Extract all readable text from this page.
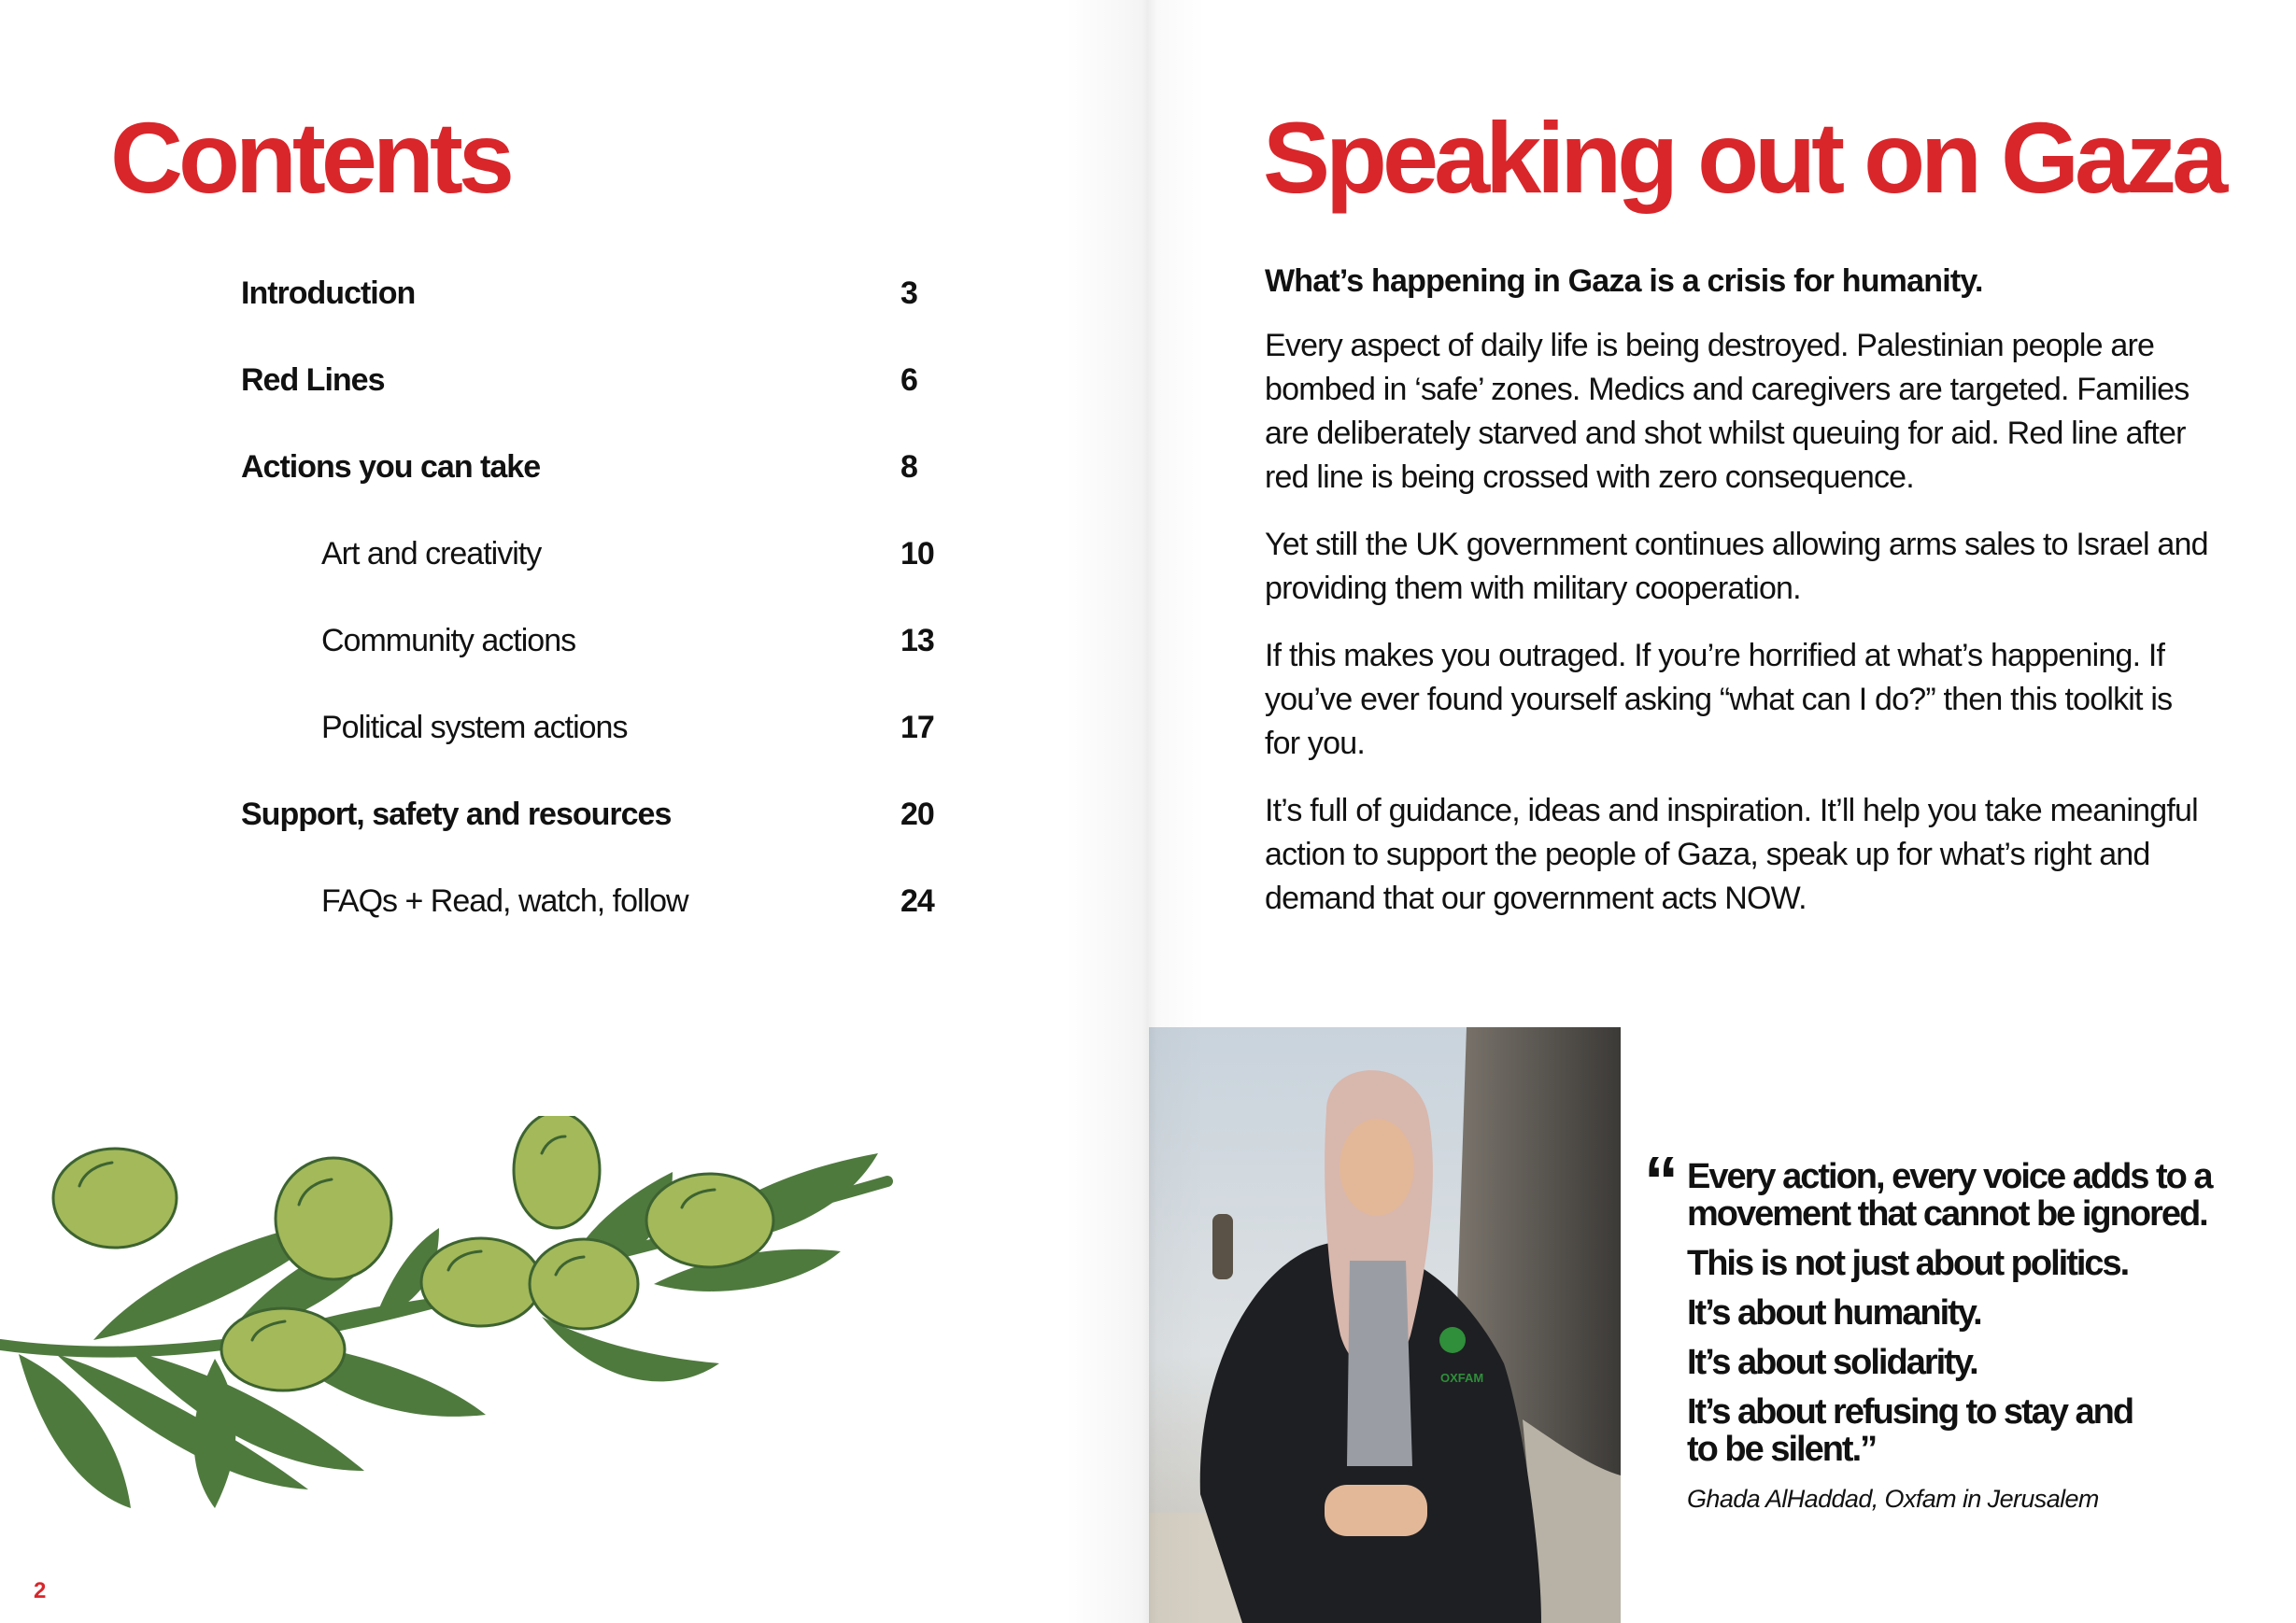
Contents
Introduction	3
Red Lines	6
Actions you can take	8
Art and creativity	10
Community actions	13
Political system actions	17
Support, safety and resources	20
FAQs + Read, watch, follow	24
2
Speaking out on Gaza

What’s happening in Gaza is a crisis for humanity.

Every aspect of daily life is being destroyed. Palestinian people are bombed in ‘safe’ zones. Medics and caregivers are targeted. Families are deliberately starved and shot whilst queuing for aid. Red line after red line is being crossed with zero consequence.

Yet still the UK government continues allowing arms sales to Israel and providing them with military cooperation.

If this makes you outraged. If you’re horrified at what’s happening. If you’ve ever found yourself asking “what can I do?” then this toolkit is for you.

It’s full of guidance, ideas and inspiration. It’ll help you take meaningful action to support the people of Gaza, speak up for what’s right and demand that our government acts NOW.

OXFAM
“ Every action, every voice adds to a
movement that cannot be ignored.
This is not just about politics.
It’s about humanity.
It’s about solidarity.
It’s about refusing to stay and
to be silent.”
Ghada AlHaddad, Oxfam in Jerusalem
